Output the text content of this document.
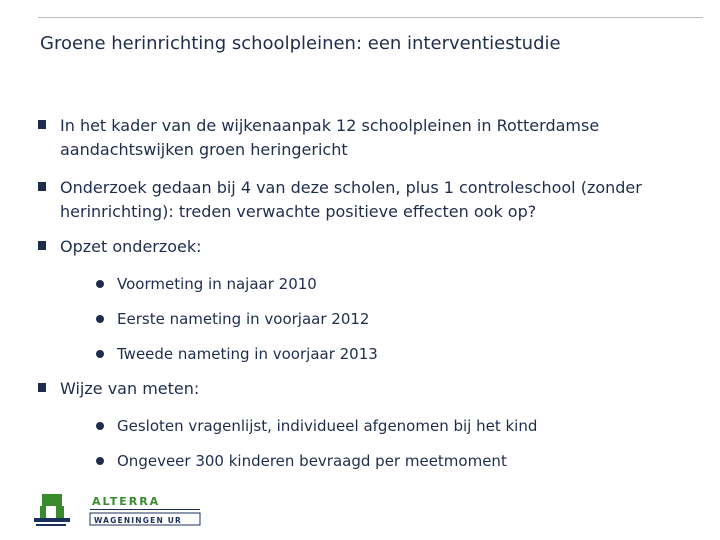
Groene herinrichting schoolpleinen: een interventiestudie
In het kader van de wijkenaanpak 12 schoolpleinen in Rotterdamse aandachtswijken groen heringericht
Onderzoek gedaan bij 4 van deze scholen, plus 1 controleschool (zonder herinrichting): treden verwachte positieve effecten ook op?
Opzet onderzoek:
Voormeting in najaar 2010
Eerste nameting in voorjaar 2012
Tweede nameting in voorjaar 2013
Wijze van meten:
Gesloten vragenlijst, individueel afgenomen bij het kind
Ongeveer 300 kinderen bevraagd per meetmoment
ALTERRA
WAGENINGEN UR
